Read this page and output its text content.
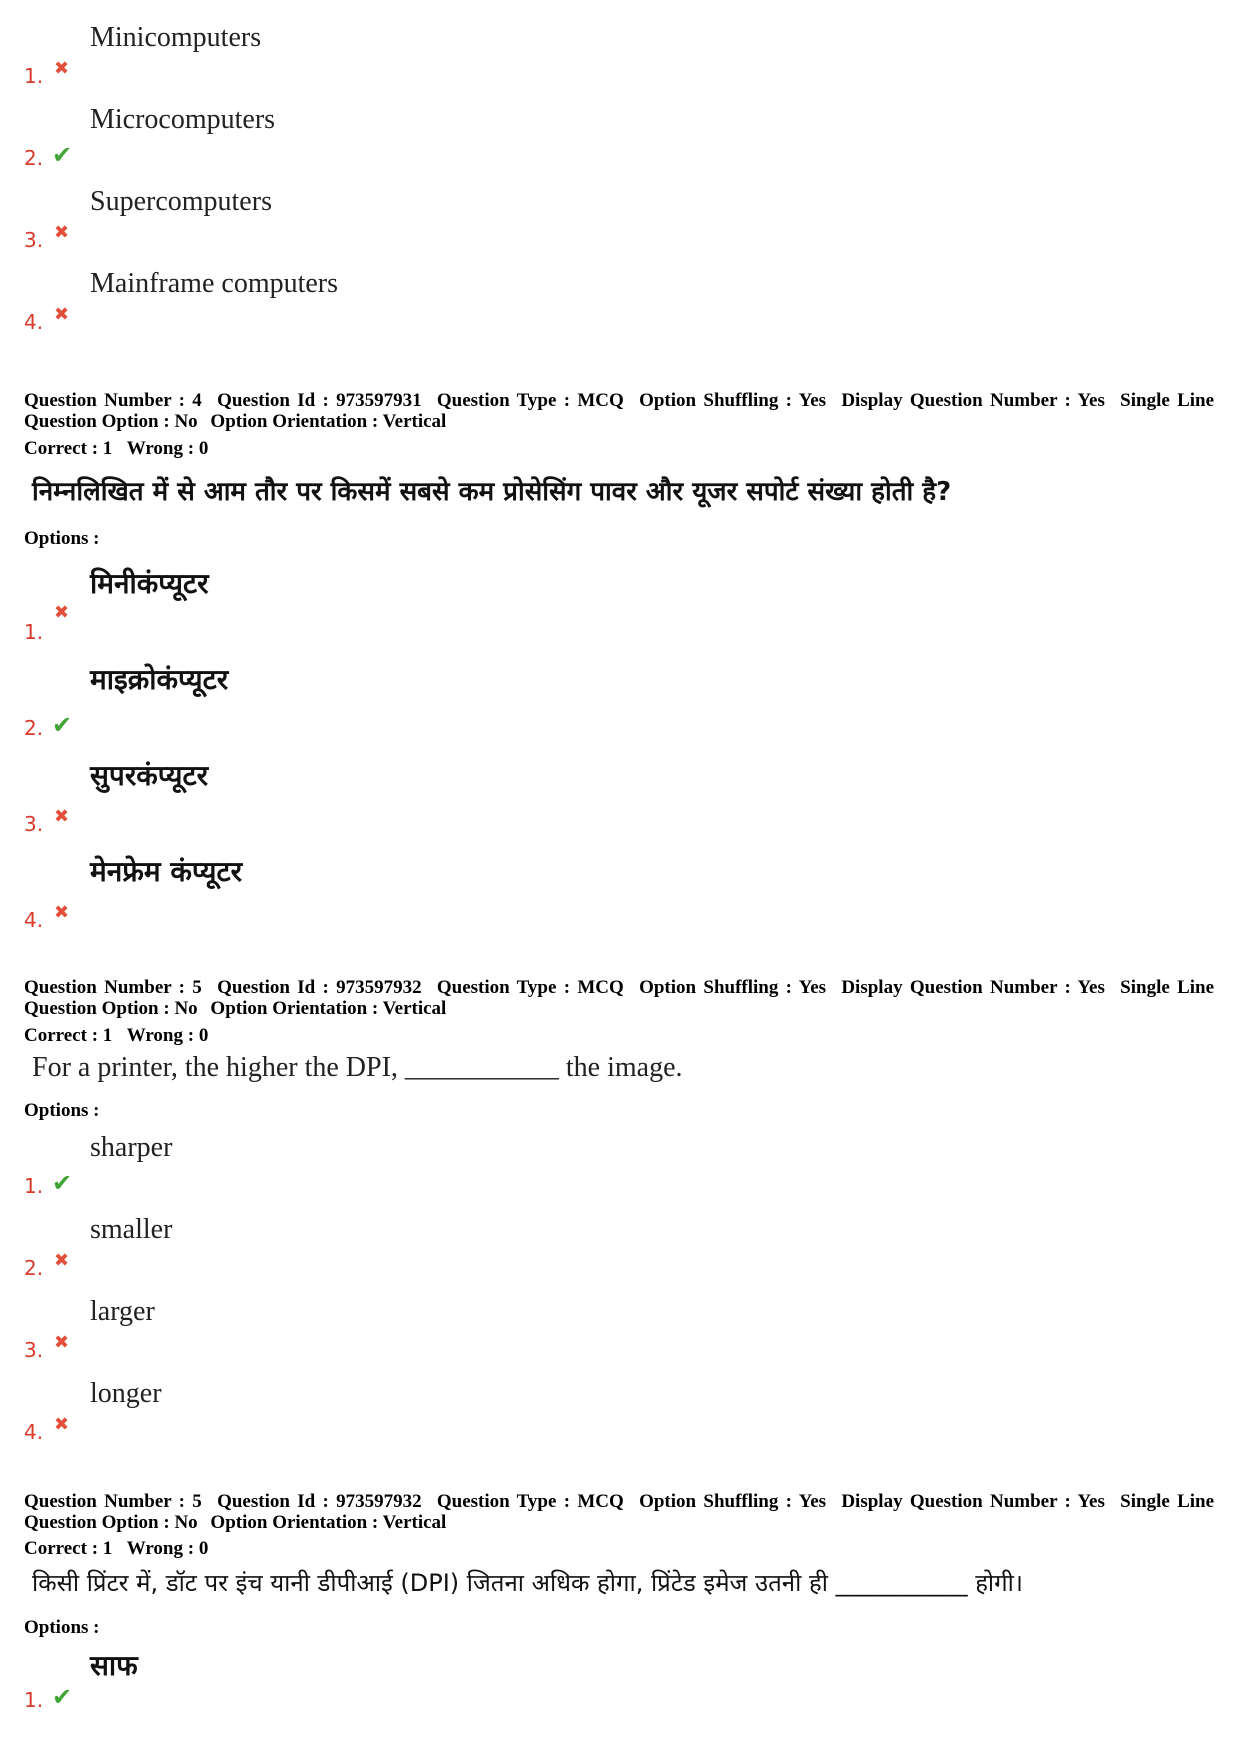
1. ✖
Minicomputers
2. ✔
Microcomputers
3. ✖
Supercomputers
4. ✖
Mainframe computers
Question Number : 4 Question Id : 973597931 Question Type : MCQ Option Shuffling : Yes Display Question Number : Yes Single Line Question Option : No Option Orientation : Vertical
Correct : 1 Wrong : 0
निम्नलिखित में से आम तौर पर किसमें सबसे कम प्रोसेसिंग पावर और यूजर सपोर्ट संख्या होती है?
Options :
1.
✖
मिनीकंप्यूटर
2. ✔
माइक्रोकंप्यूटर
3. ✖
सुपरकंप्यूटर
4. ✖
मेनफ्रेम कंप्यूटर
Question Number : 5 Question Id : 973597932 Question Type : MCQ Option Shuffling : Yes Display Question Number : Yes Single Line Question Option : No Option Orientation : Vertical
Correct : 1 Wrong : 0
For a printer, the higher the DPI, ___________ the image.
Options :
1. ✔
sharper
2. ✖
smaller
3. ✖
larger
4. ✖
longer
Question Number : 5 Question Id : 973597932 Question Type : MCQ Option Shuffling : Yes Display Question Number : Yes Single Line Question Option : No Option Orientation : Vertical
Correct : 1 Wrong : 0
किसी प्रिंटर में, डॉट पर इंच यानी डीपीआई (DPI) जितना अधिक होगा, प्रिंटेड इमेज उतनी ही ___________ होगी।
Options :
1. ✔
साफ
